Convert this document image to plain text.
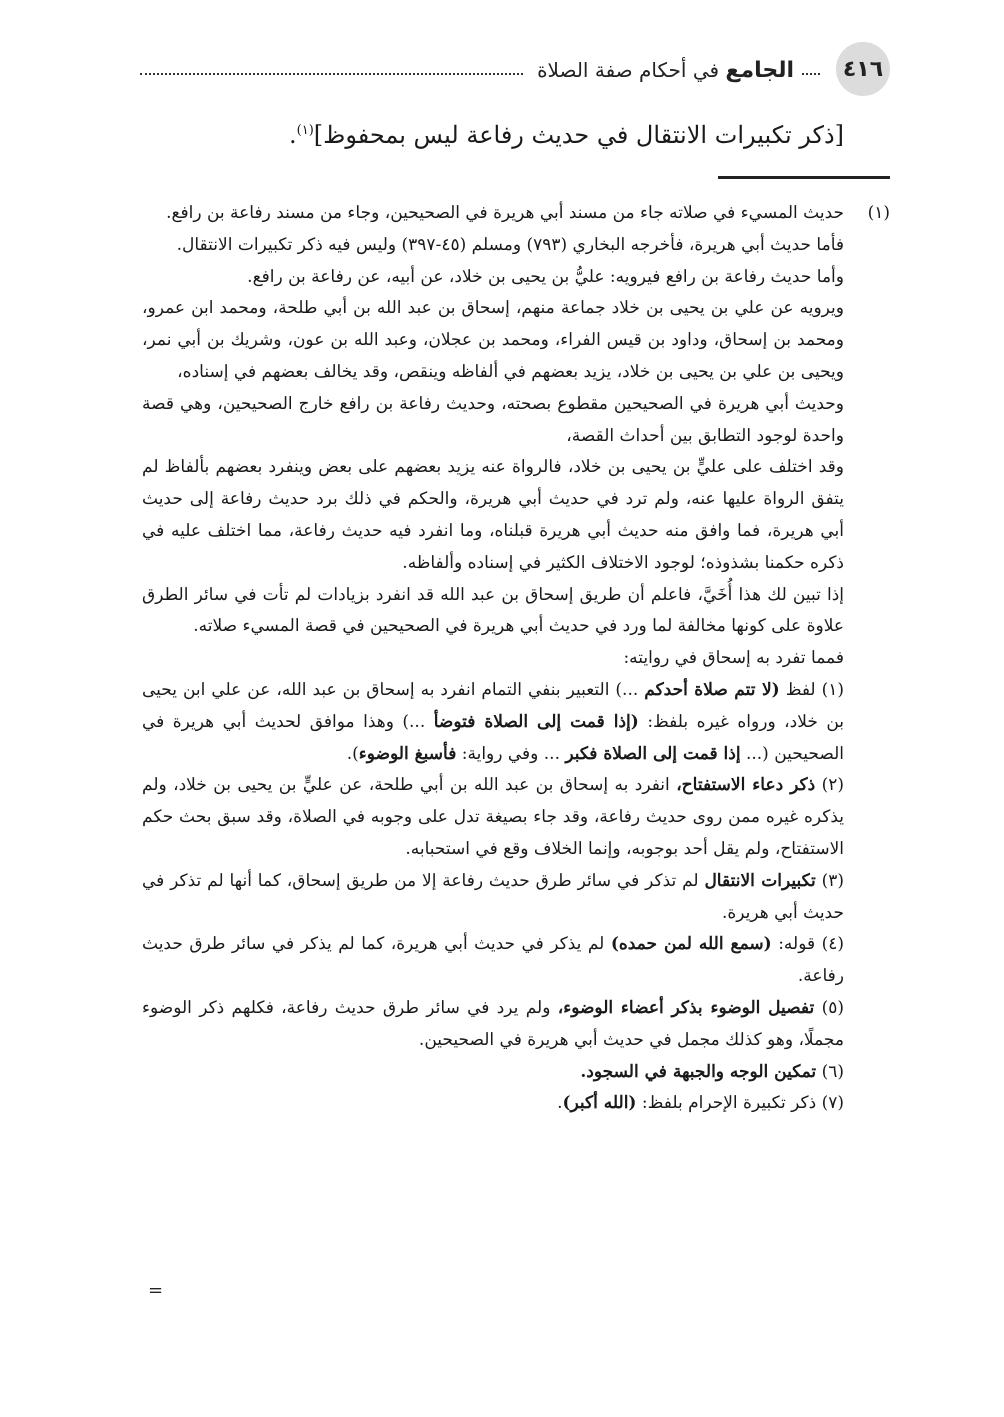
٤١٦
الجامع في أحكام صفة الصلاة
[ذكر تكبيرات الانتقال في حديث رفاعة ليس بمحفوظ]$^{(١)}$.
(١)

حديث المسيء في صلاته جاء من مسند أبي هريرة في الصحيحين، وجاء من مسند رفاعة بن رافع.

فأما حديث أبي هريرة، فأخرجه البخاري (٧٩٣) ومسلم (٤٥-٣٩٧) وليس فيه ذكر تكبيرات الانتقال.

وأما حديث رفاعة بن رافع فيرويه: عليُّ بن يحيى بن خلاد، عن أبيه، عن رفاعة بن رافع.

ويرويه عن علي بن يحيى بن خلاد جماعة منهم، إسحاق بن عبد الله بن أبي طلحة، ومحمد ابن عمرو، ومحمد بن إسحاق، وداود بن قيس الفراء، ومحمد بن عجلان، وعبد الله بن عون، وشريك بن أبي نمر، ويحيى بن علي بن يحيى بن خلاد، يزيد بعضهم في ألفاظه وينقص، وقد يخالف بعضهم في إسناده،

وحديث أبي هريرة في الصحيحين مقطوع بصحته، وحديث رفاعة بن رافع خارج الصحيحين، وهي قصة واحدة لوجود التطابق بين أحداث القصة،

وقد اختلف على عليٍّ بن يحيى بن خلاد، فالرواة عنه يزيد بعضهم على بعض وينفرد بعضهم بألفاظ لم يتفق الرواة عليها عنه، ولم ترد في حديث أبي هريرة، والحكم في ذلك برد حديث رفاعة إلى حديث أبي هريرة، فما وافق منه حديث أبي هريرة قبلناه، وما انفرد فيه حديث رفاعة، مما اختلف عليه في ذكره حكمنا بشذوذه؛ لوجود الاختلاف الكثير في إسناده وألفاظه.

إذا تبين لك هذا أُخَيَّ، فاعلم أن طريق إسحاق بن عبد الله قد انفرد بزيادات لم تأت في سائر الطرق علاوة على كونها مخالفة لما ورد في حديث أبي هريرة في الصحيحين في قصة المسيء صلاته.

فمما تفرد به إسحاق في روايته:

(١) لفظ (لا تتم صلاة أحدكم ...) التعبير بنفي التمام انفرد به إسحاق بن عبد الله، عن علي ابن يحيى بن خلاد، ورواه غيره بلفظ: (إذا قمت إلى الصلاة فتوضأ ...) وهذا موافق لحديث أبي هريرة في الصحيحين (... إذا قمت إلى الصلاة فكبر ... وفي رواية: فأسبغ الوضوء).

(٢) ذكر دعاء الاستفتاح، انفرد به إسحاق بن عبد الله بن أبي طلحة، عن عليٍّ بن يحيى بن خلاد، ولم يذكره غيره ممن روى حديث رفاعة، وقد جاء بصيغة تدل على وجوبه في الصلاة، وقد سبق بحث حكم الاستفتاح، ولم يقل أحد بوجوبه، وإنما الخلاف وقع في استحبابه.

(٣) تكبيرات الانتقال لم تذكر في سائر طرق حديث رفاعة إلا من طريق إسحاق، كما أنها لم تذكر في حديث أبي هريرة.

(٤) قوله: (سمع الله لمن حمده) لم يذكر في حديث أبي هريرة، كما لم يذكر في سائر طرق حديث رفاعة.

(٥) تفصيل الوضوء بذكر أعضاء الوضوء، ولم يرد في سائر طرق حديث رفاعة، فكلهم ذكر الوضوء مجملًا، وهو كذلك مجمل في حديث أبي هريرة في الصحيحين.

(٦) تمكين الوجه والجبهة في السجود.

(٧) ذكر تكبيرة الإحرام بلفظ: (الله أكبر).

=
